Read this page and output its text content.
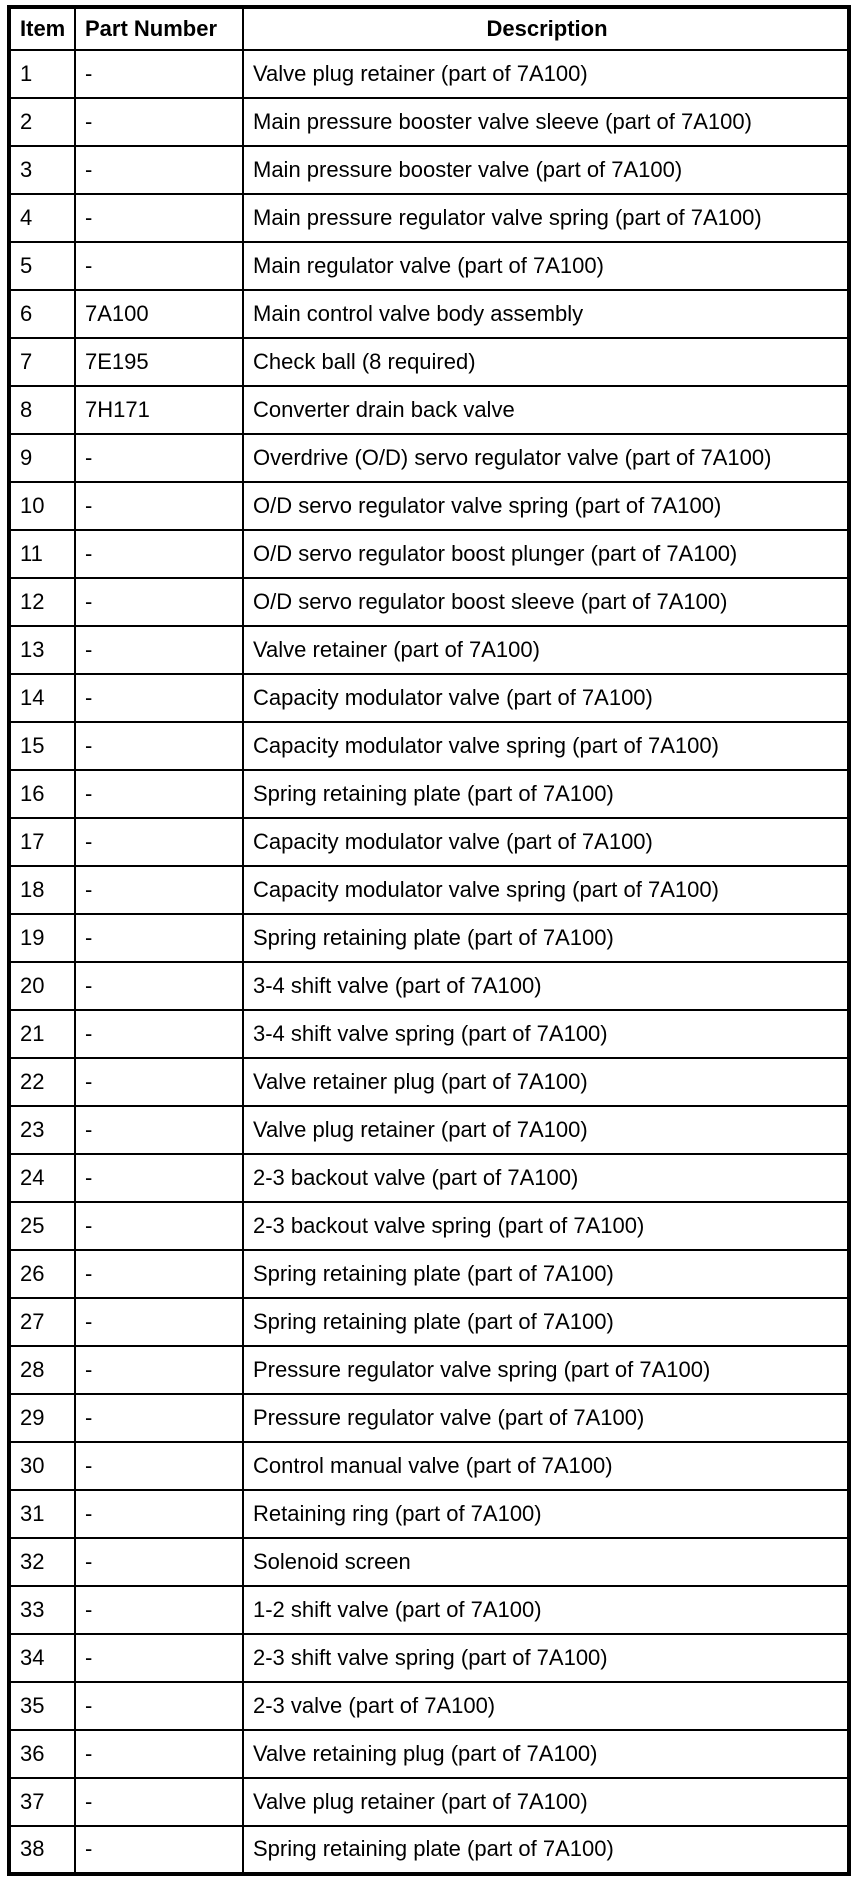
Item	Part Number	Description
1	-	Valve plug retainer (part of 7A100)
2	-	Main pressure booster valve sleeve (part of 7A100)
3	-	Main pressure booster valve (part of 7A100)
4	-	Main pressure regulator valve spring (part of 7A100)
5	-	Main regulator valve (part of 7A100)
6	7A100	Main control valve body assembly
7	7E195	Check ball (8 required)
8	7H171	Converter drain back valve
9	-	Overdrive (O/D) servo regulator valve (part of 7A100)
10	-	O/D servo regulator valve spring (part of 7A100)
11	-	O/D servo regulator boost plunger (part of 7A100)
12	-	O/D servo regulator boost sleeve (part of 7A100)
13	-	Valve retainer (part of 7A100)
14	-	Capacity modulator valve (part of 7A100)
15	-	Capacity modulator valve spring (part of 7A100)
16	-	Spring retaining plate (part of 7A100)
17	-	Capacity modulator valve (part of 7A100)
18	-	Capacity modulator valve spring (part of 7A100)
19	-	Spring retaining plate (part of 7A100)
20	-	3-4 shift valve (part of 7A100)
21	-	3-4 shift valve spring (part of 7A100)
22	-	Valve retainer plug (part of 7A100)
23	-	Valve plug retainer (part of 7A100)
24	-	2-3 backout valve (part of 7A100)
25	-	2-3 backout valve spring (part of 7A100)
26	-	Spring retaining plate (part of 7A100)
27	-	Spring retaining plate (part of 7A100)
28	-	Pressure regulator valve spring (part of 7A100)
29	-	Pressure regulator valve (part of 7A100)
30	-	Control manual valve (part of 7A100)
31	-	Retaining ring (part of 7A100)
32	-	Solenoid screen
33	-	1-2 shift valve (part of 7A100)
34	-	2-3 shift valve spring (part of 7A100)
35	-	2-3 valve (part of 7A100)
36	-	Valve retaining plug (part of 7A100)
37	-	Valve plug retainer (part of 7A100)
38	-	Spring retaining plate (part of 7A100)
